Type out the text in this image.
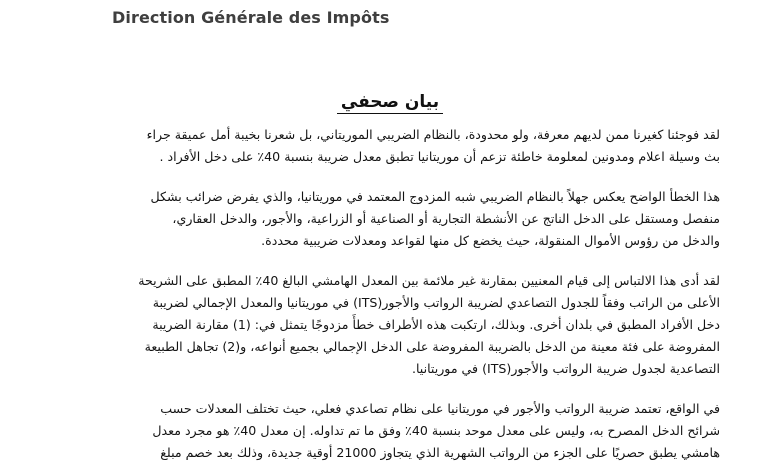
Direction Générale des Impôts
بيان صحفي
لقد فوجئنا كغيرنا ممن لديهم معرفة، ولو محدودة، بالنظام الضريبي الموريتاني، بل شعرنا بخيبة أمل عميقة جراء
بث وسيلة اعلام ومدونين لمعلومة خاطئة تزعم أن موريتانيا تطبق معدل ضريبة بنسبة 40٪ على دخل الأفراد .
هذا الخطأ الواضح يعكس جهلاً بالنظام الضريبي شبه المزدوج المعتمد في موريتانيا، والذي يفرض ضرائب بشكل
منفصل ومستقل على الدخل الناتج عن الأنشطة التجارية أو الصناعية أو الزراعية، والأجور، والدخل العقاري،
والدخل من رؤوس الأموال المنقولة، حيث يخضع كل منها لقواعد ومعدلات ضريبية محددة.
لقد أدى هذا الالتباس إلى قيام المعنيين بمقارنة غير ملائمة بين المعدل الهامشي البالغ 40٪ المطبق على الشريحة
الأعلى من الراتب وفقاً للجدول التصاعدي لضريبة الرواتب والأجور(ITS) في موريتانيا والمعدل الإجمالي لضريبة
دخل الأفراد المطبق في بلدان أخرى. وبذلك، ارتكبت هذه الأطراف خطأً مزدوجًا يتمثل في: (1) مقارنة الضريبة
المفروضة على فئة معينة من الدخل بالضريبة المفروضة على الدخل الإجمالي بجميع أنواعه، و(2) تجاهل الطبيعة
التصاعدية لجدول ضريبة الرواتب والأجور(ITS) في موريتانيا.
في الواقع، تعتمد ضريبة الرواتب والأجور في موريتانيا على نظام تصاعدي فعلي، حيث تختلف المعدلات حسب
شرائح الدخل المصرح به، وليس على معدل موحد بنسبة 40٪ وفق ما تم تداوله. إن معدل 40٪ هو مجرد معدل
هامشي يطبق حصريًا على الجزء من الرواتب الشهرية الذي يتجاوز 21000 أوقية جديدة، وذلك بعد خصم مبلغ
